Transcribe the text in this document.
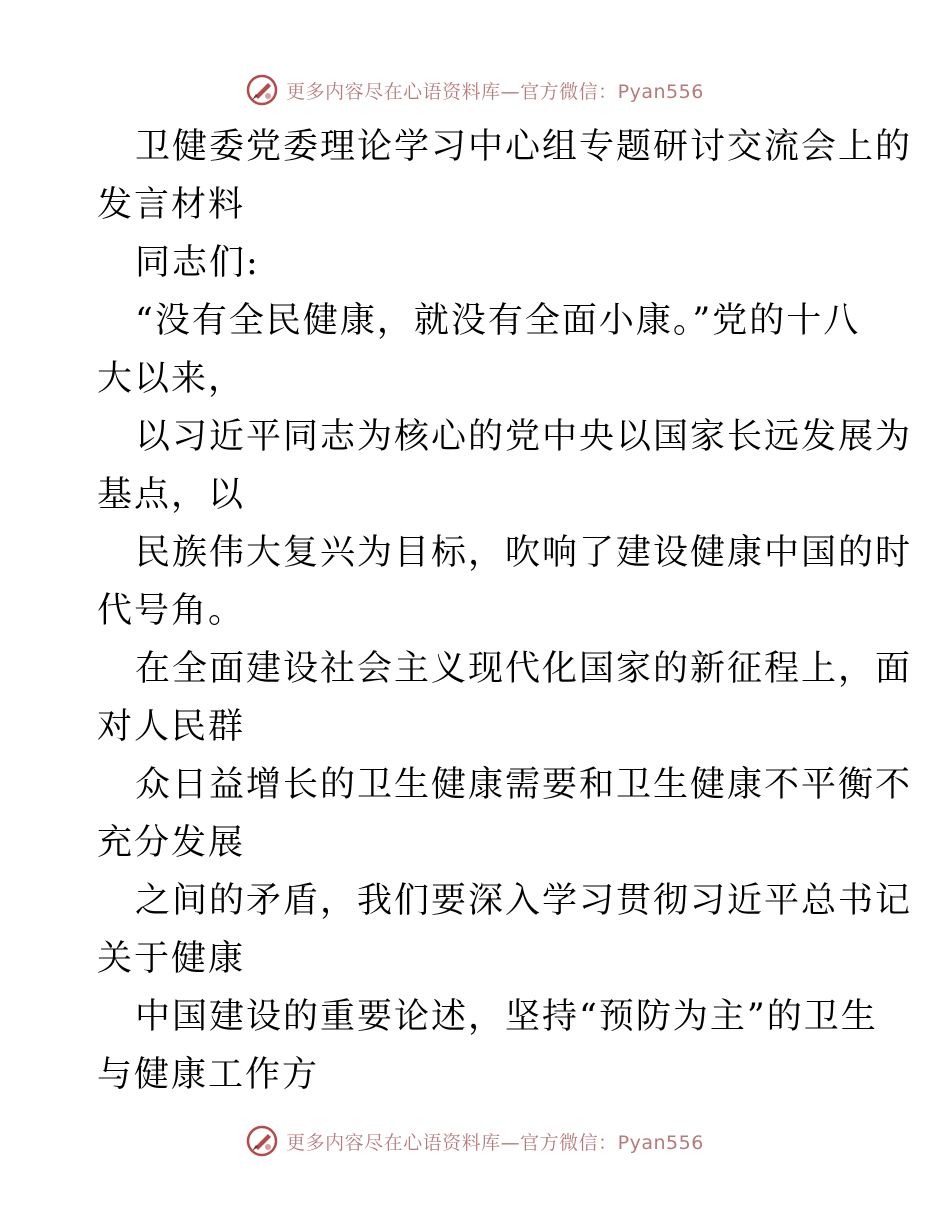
更多内容尽在心语资料库—官方微信：Pyan556
卫健委党委理论学习中心组专题研讨交流会上的
发言材料
同志们:
“没有全民健康，就没有全面小康。”党的十八
大以来，
以习近平同志为核心的党中央以国家长远发展为
基点，以
民族伟大复兴为目标，吹响了建设健康中国的时
代号角。
在全面建设社会主义现代化国家的新征程上，面
对人民群
众日益增长的卫生健康需要和卫生健康不平衡不
充分发展
之间的矛盾，我们要深入学习贯彻习近平总书记
关于健康
中国建设的重要论述，坚持“预防为主”的卫生
与健康工作方
更多内容尽在心语资料库—官方微信：Pyan556
